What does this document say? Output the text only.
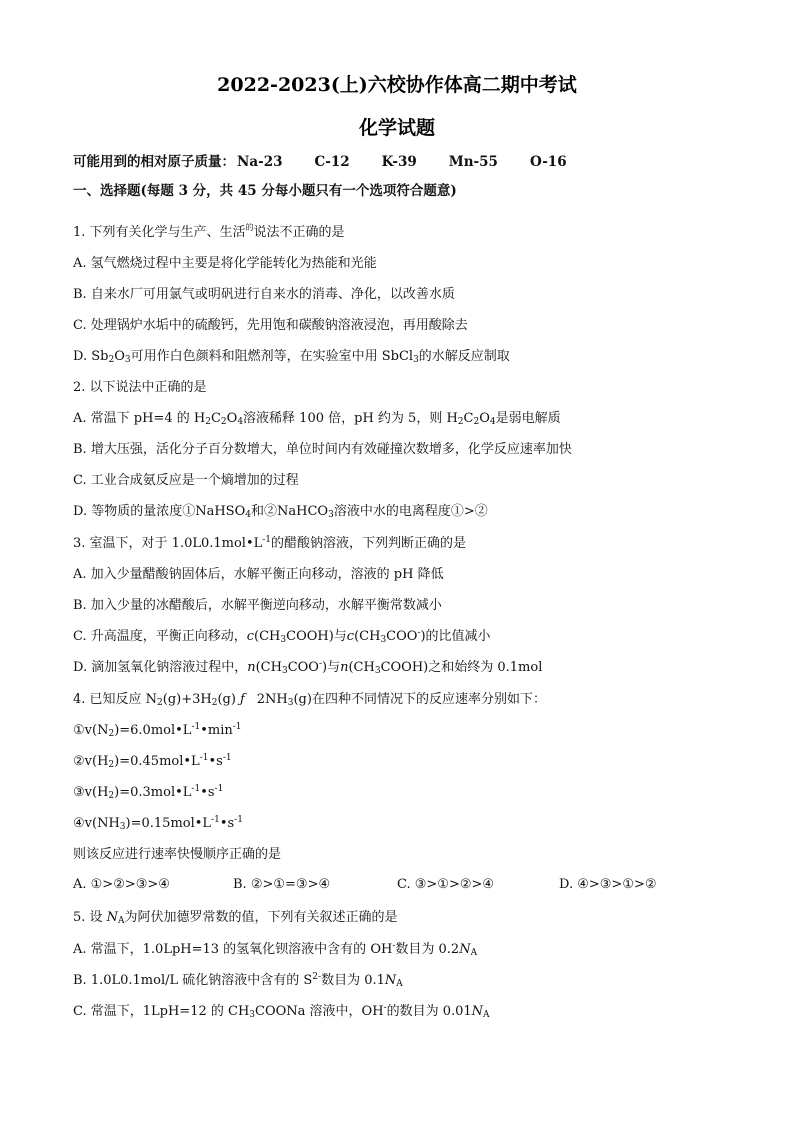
2022-2023(上)六校协作体高二期中考试
化学试题
可能用到的相对原子质量： Na-23 C-12 K-39 Mn-55 O-16
一、选择题(每题 3 分，共 45 分每小题只有一个选项符合题意)
1. 下列有关化学与生产、生活$^的$说法不正确的是
A. 氢气燃烧过程中主要是将化学能转化为热能和光能
B. 自来水厂可用氯气或明矾进行自来水的消毒、净化，以改善水质
C. 处理锅炉水垢中的硫酸钙，先用饱和碳酸钠溶液浸泡，再用酸除去
D. $Sb_2O_3$可用作白色颜料和阻燃剂等，在实验室中用 SbCl$_3$的水解反应制取
2. 以下说法中正确的是
A. 常温下 pH=4 的 $H_2C_2O_4$溶液稀释 100 倍，pH 约为 5，则 $H_2C_2O_4$是弱电解质
B. 增大压强，活化分子百分数增大，单位时间内有效碰撞次数增多，化学反应速率加快
C. 工业合成氨反应是一个熵增加的过程
D. 等物质的量浓度①NaHSO$_4$和②NaHCO$_3$溶液中水的电离程度①>②
3. 室温下，对于 $1.0L0.1mol•L^{-1}$的醋酸钠溶液，下列判断正确的是
A. 加入少量醋酸钠固体后，水解平衡正向移动，溶液的 pH 降低
B. 加入少量的冰醋酸后，水解平衡逆向移动，水解平衡常数减小
C. 升高温度，平衡正向移动，$c(CH_3COOH)$与$c(CH_3COO^-)$的比值减小
D. 滴加氢氧化钠溶液过程中，$n(CH_3COO^-)$与$n(CH_3COOH)$之和始终为 0.1mol
4. 已知反应 $N_2(g)+3H_2(g)$ ƒ $2NH_3(g)$在四种不同情况下的反应速率分别如下：
$①v(N_2)=6.0mol•L^{-1}•\min^{-1}$
$②v(H_2)=0.45mol•L^{-1}•s^{-1}$
$③v(H_2)=0.3mol•L^{-1}•s^{-1}$
$④v(NH_3)=0.15mol•L^{-1}•s^{-1}$
则该反应进行速率快慢顺序正确的是
A. ①>②>③>④	B. ②>①=③>④	C. ③>①>②>④	D. ④>③>①>②
5. 设 $N_A$为阿伏加德罗常数的值，下列有关叙述正确的是
A. 常温下，1.0LpH=13 的氢氧化钡溶液中含有的 OH-数目为 $0.2N_A$
B. 1.0L0.1mol/L 硫化钠溶液中含有的 $S^{2-}$数目为 $0.1N_A$
C. 常温下，1LpH=12 的 $CH_3COONa$ 溶液中，OH-的数目为 $0.01N_A$
